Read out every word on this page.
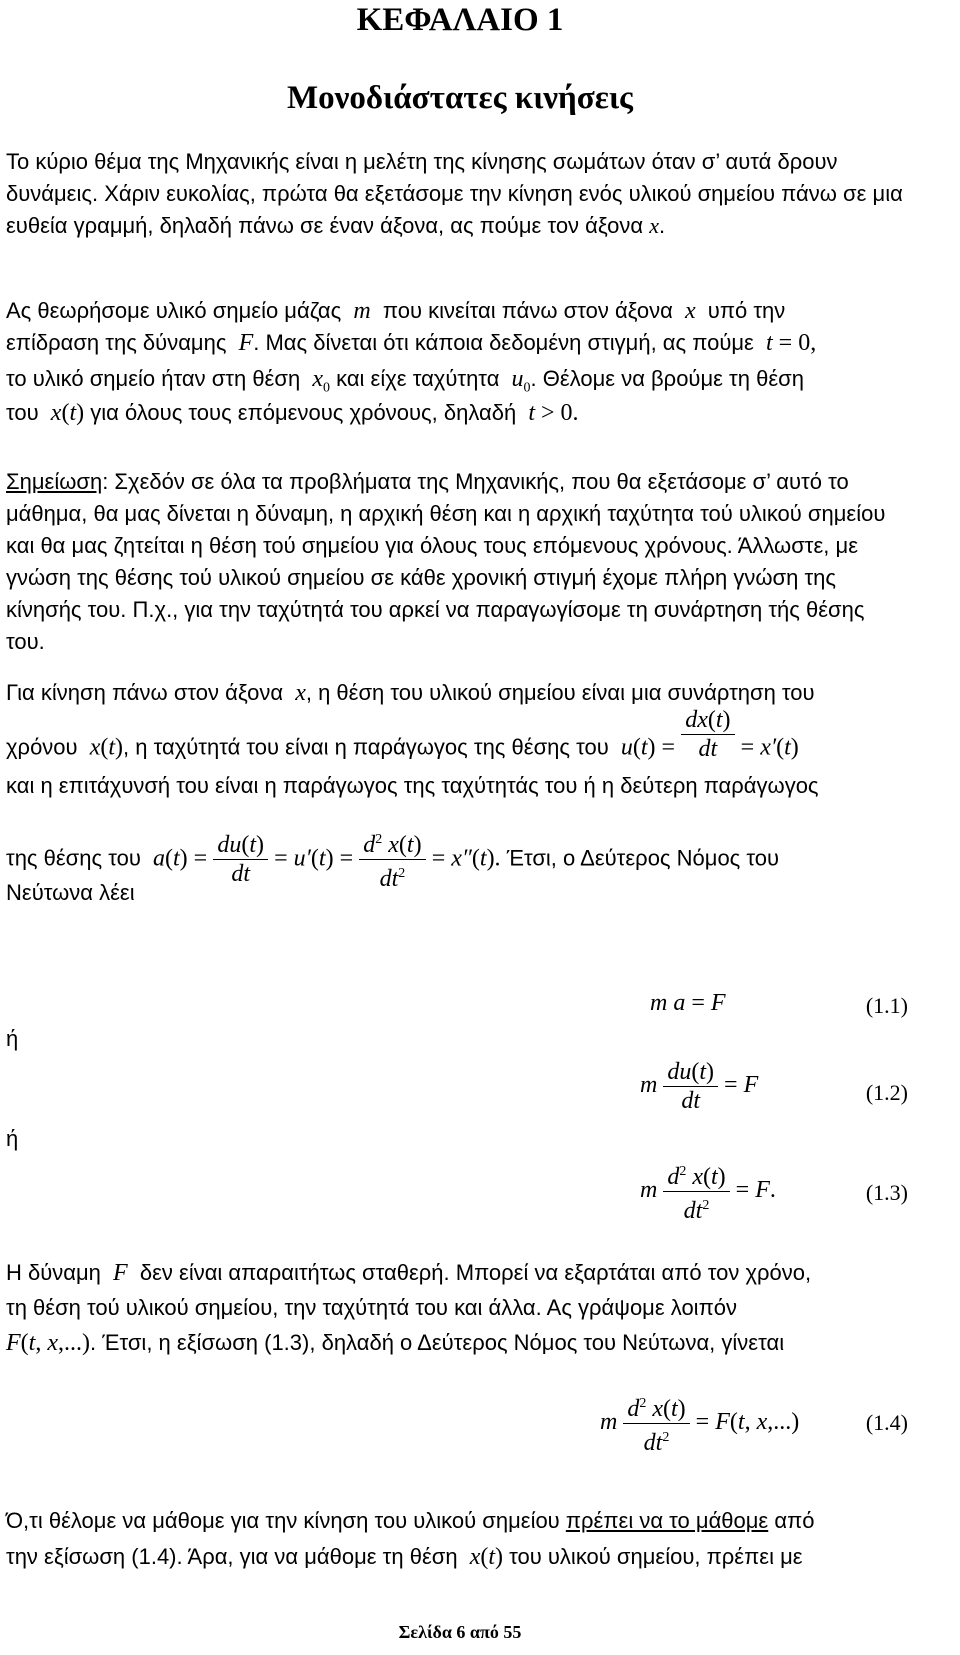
ΚΕΦΑΛΑΙΟ 1
Μονοδιάστατες κινήσεις

Το κύριο θέμα της Μηχανικής είναι η μελέτη της κίνησης σωμάτων όταν σ’ αυτά δρουν δυνάμεις. Χάριν ευκολίας, πρώτα θα εξετάσομε την κίνηση ενός υλικού σημείου πάνω σε μια ευθεία γραμμή, δηλαδή πάνω σε έναν άξονα, ας πούμε τον άξονα x.

Ας θεωρήσομε υλικό σημείο μάζας  m  που κινείται πάνω στον άξονα  x  υπό την
επίδραση της δύναμης  F. Μας δίνεται ότι κάποια δεδομένη στιγμή, ας πούμε  t = 0,
το υλικό σημείο ήταν στη θέση  $x_0$ και είχε ταχύτητα  $u_0$. Θέλομε να βρούμε τη θέση
του  x(t) για όλους τους επόμενους χρόνους, δηλαδή  t > 0.

Σημείωση: Σχεδόν σε όλα τα προβλήματα της Μηχανικής, που θα εξετάσομε σ’ αυτό το μάθημα, θα μας δίνεται η δύναμη, η αρχική θέση και η αρχική ταχύτητα τού υλικού σημείου και θα μας ζητείται η θέση τού σημείου για όλους τους επόμενους χρόνους. Άλλωστε, με γνώση της θέσης τού υλικού σημείου σε κάθε χρονική στιγμή έχομε πλήρη γνώση της κίνησής του. Π.χ., για την ταχύτητά του αρκεί να παραγωγίσομε τη συνάρτηση τής θέσης του.

Για κίνηση πάνω στον άξονα  x, η θέση του υλικού σημείου είναι μια συνάρτηση του
χρόνου  x(t), η ταχύτητά του είναι η παράγωγος της θέσης του  $u(t) = \frac{dx(t)}{dt} = x'(t)$
και η επιτάχυνσή του είναι η παράγωγος της ταχύτητάς του ή η δεύτερη παράγωγος
της θέσης του  $a(t) = \frac{du(t)}{dt} = u'(t) = \frac{d^2 x(t)}{dt^2} = x''(t)$. Έτσι, ο Δεύτερος Νόμος του
Νεύτωνα λέει
m a = F	(1.1)
ή
m $\frac{du(t)}{dt} = F$	(1.2)
ή
m $\frac{d^2 x(t)}{dt^2} = F$.	(1.3)
Η δύναμη  F  δεν είναι απαραιτήτως σταθερή. Μπορεί να εξαρτάται από τον χρόνο,
τη θέση τού υλικού σημείου, την ταχύτητά του και άλλα. Ας γράψομε λοιπόν
F(t, x,...). Έτσι, η εξίσωση (1.3), δηλαδή ο Δεύτερος Νόμος του Νεύτωνα, γίνεται
m $\frac{d^2 x(t)}{dt^2} = F(t$, x,...)	(1.4)
Ό,τι θέλομε να μάθομε για την κίνηση του υλικού σημείου πρέπει να το μάθομε από
την εξίσωση (1.4). Άρα, για να μάθομε τη θέση  x(t) του υλικού σημείου, πρέπει με
Σελίδα 6 από 55
